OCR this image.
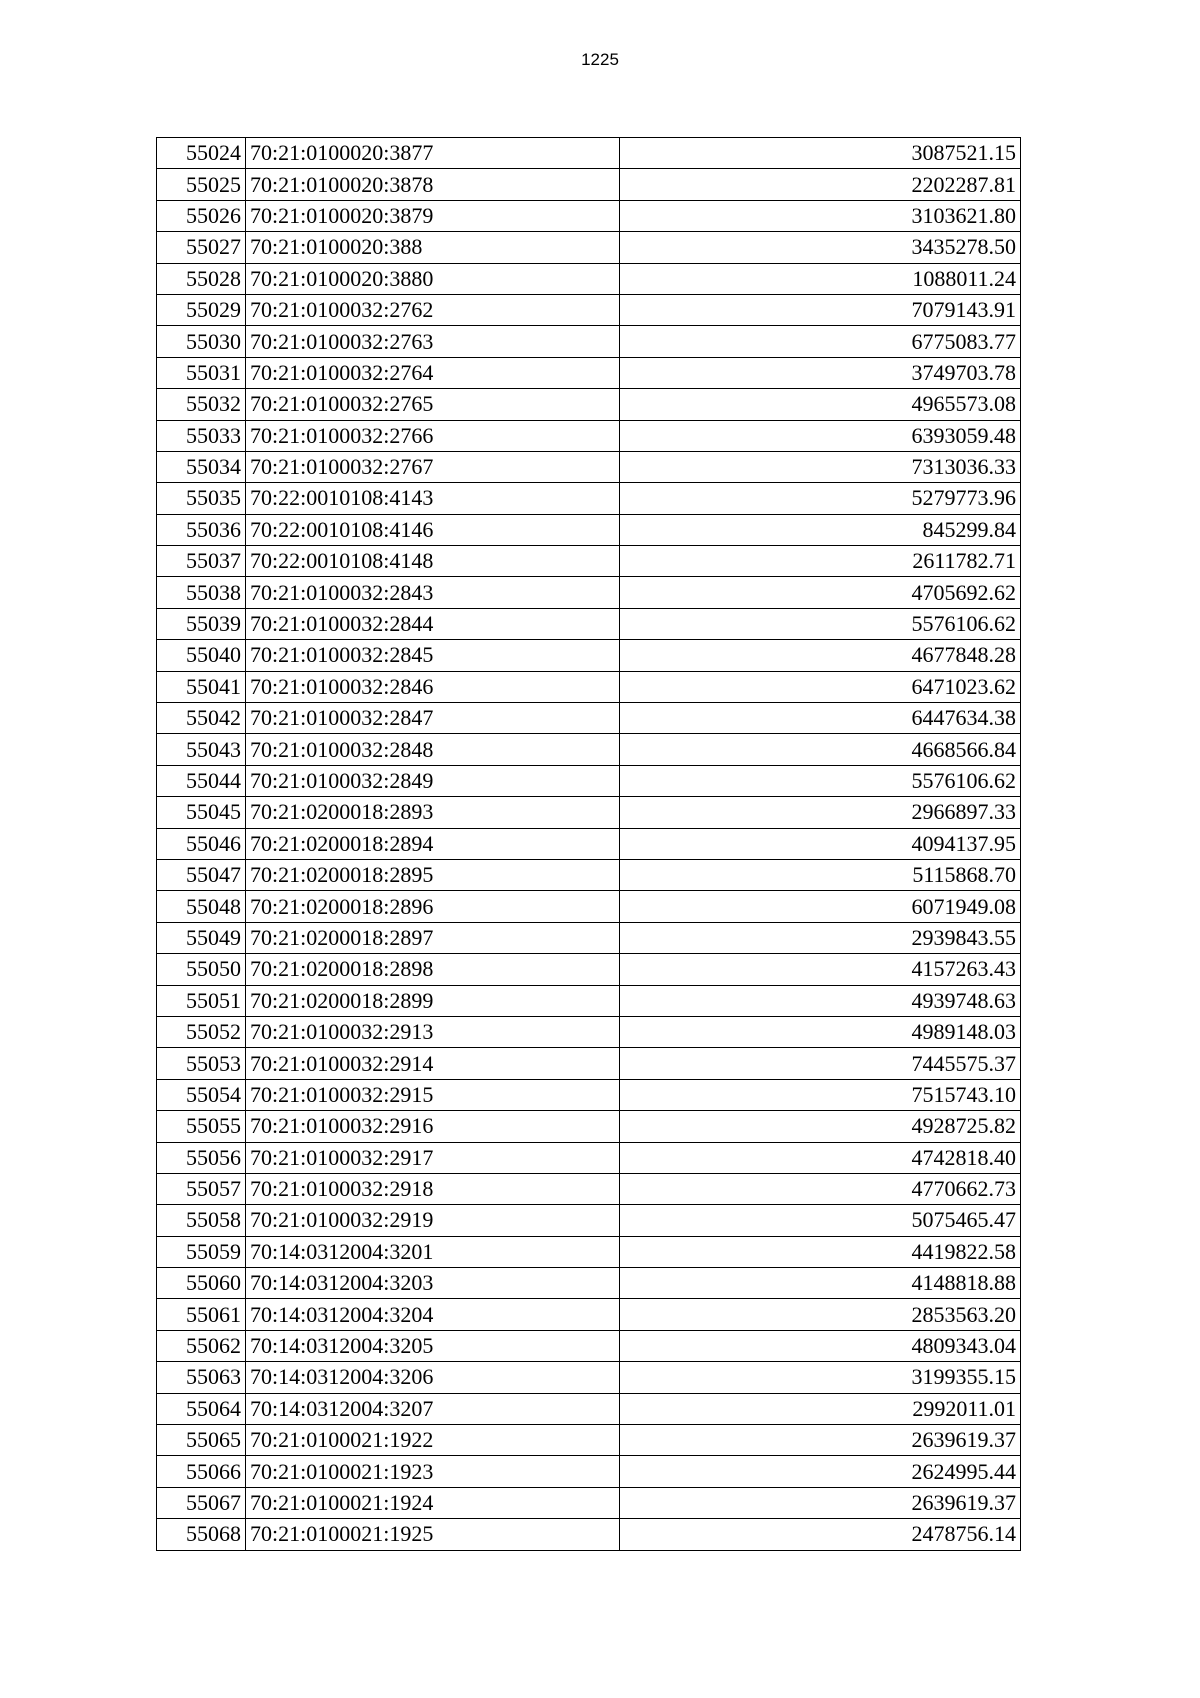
1225
55024	70:21:0100020:3877	3087521.15
55025	70:21:0100020:3878	2202287.81
55026	70:21:0100020:3879	3103621.80
55027	70:21:0100020:388	3435278.50
55028	70:21:0100020:3880	1088011.24
55029	70:21:0100032:2762	7079143.91
55030	70:21:0100032:2763	6775083.77
55031	70:21:0100032:2764	3749703.78
55032	70:21:0100032:2765	4965573.08
55033	70:21:0100032:2766	6393059.48
55034	70:21:0100032:2767	7313036.33
55035	70:22:0010108:4143	5279773.96
55036	70:22:0010108:4146	845299.84
55037	70:22:0010108:4148	2611782.71
55038	70:21:0100032:2843	4705692.62
55039	70:21:0100032:2844	5576106.62
55040	70:21:0100032:2845	4677848.28
55041	70:21:0100032:2846	6471023.62
55042	70:21:0100032:2847	6447634.38
55043	70:21:0100032:2848	4668566.84
55044	70:21:0100032:2849	5576106.62
55045	70:21:0200018:2893	2966897.33
55046	70:21:0200018:2894	4094137.95
55047	70:21:0200018:2895	5115868.70
55048	70:21:0200018:2896	6071949.08
55049	70:21:0200018:2897	2939843.55
55050	70:21:0200018:2898	4157263.43
55051	70:21:0200018:2899	4939748.63
55052	70:21:0100032:2913	4989148.03
55053	70:21:0100032:2914	7445575.37
55054	70:21:0100032:2915	7515743.10
55055	70:21:0100032:2916	4928725.82
55056	70:21:0100032:2917	4742818.40
55057	70:21:0100032:2918	4770662.73
55058	70:21:0100032:2919	5075465.47
55059	70:14:0312004:3201	4419822.58
55060	70:14:0312004:3203	4148818.88
55061	70:14:0312004:3204	2853563.20
55062	70:14:0312004:3205	4809343.04
55063	70:14:0312004:3206	3199355.15
55064	70:14:0312004:3207	2992011.01
55065	70:21:0100021:1922	2639619.37
55066	70:21:0100021:1923	2624995.44
55067	70:21:0100021:1924	2639619.37
55068	70:21:0100021:1925	2478756.14
